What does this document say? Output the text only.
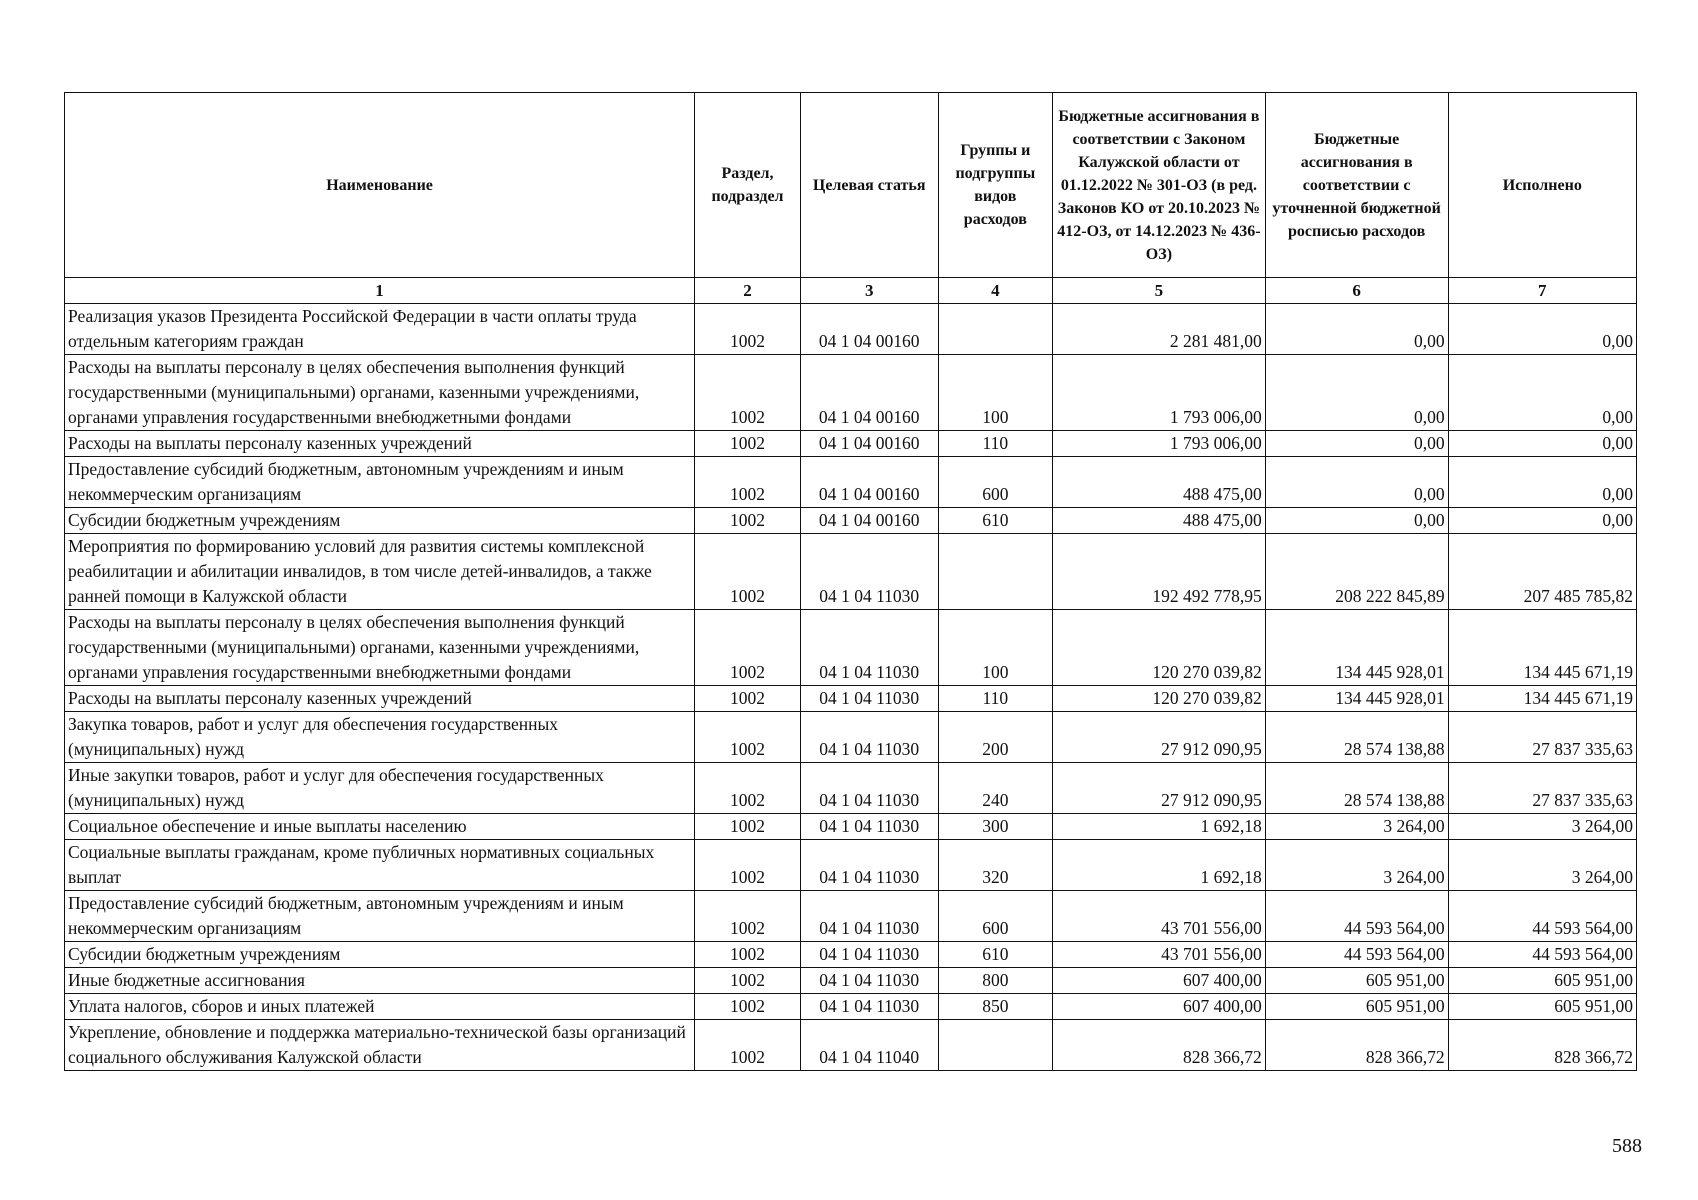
Наименование	Раздел, подраздел	Целевая статья	Группы и подгруппы видов расходов	Бюджетные ассигнования в соответствии с Законом Калужской области от 01.12.2022 № 301-ОЗ (в ред. Законов КО от 20.10.2023 № 412-ОЗ, от 14.12.2023 № 436-ОЗ)	Бюджетные ассигнования в соответствии с уточненной бюджетной росписью расходов	Исполнено
1	2	3	4	5	6	7
Реализация указов Президента Российской Федерации в части оплаты труда отдельным категориям граждан	1002	04 1 04 00160		2 281 481,00	0,00	0,00
Расходы на выплаты персоналу в целях обеспечения выполнения функций государственными (муниципальными) органами, казенными учреждениями, органами управления государственными внебюджетными фондами	1002	04 1 04 00160	100	1 793 006,00	0,00	0,00
Расходы на выплаты персоналу казенных учреждений	1002	04 1 04 00160	110	1 793 006,00	0,00	0,00
Предоставление субсидий бюджетным, автономным учреждениям и иным некоммерческим организациям	1002	04 1 04 00160	600	488 475,00	0,00	0,00
Субсидии бюджетным учреждениям	1002	04 1 04 00160	610	488 475,00	0,00	0,00
Мероприятия по формированию условий для развития системы комплексной реабилитации и абилитации инвалидов, в том числе детей-инвалидов, а также ранней помощи в Калужской области	1002	04 1 04 11030		192 492 778,95	208 222 845,89	207 485 785,82
Расходы на выплаты персоналу в целях обеспечения выполнения функций государственными (муниципальными) органами, казенными учреждениями, органами управления государственными внебюджетными фондами	1002	04 1 04 11030	100	120 270 039,82	134 445 928,01	134 445 671,19
Расходы на выплаты персоналу казенных учреждений	1002	04 1 04 11030	110	120 270 039,82	134 445 928,01	134 445 671,19
Закупка товаров, работ и услуг для обеспечения государственных (муниципальных) нужд	1002	04 1 04 11030	200	27 912 090,95	28 574 138,88	27 837 335,63
Иные закупки товаров, работ и услуг для обеспечения государственных (муниципальных) нужд	1002	04 1 04 11030	240	27 912 090,95	28 574 138,88	27 837 335,63
Социальное обеспечение и иные выплаты населению	1002	04 1 04 11030	300	1 692,18	3 264,00	3 264,00
Социальные выплаты гражданам, кроме публичных нормативных социальных выплат	1002	04 1 04 11030	320	1 692,18	3 264,00	3 264,00
Предоставление субсидий бюджетным, автономным учреждениям и иным некоммерческим организациям	1002	04 1 04 11030	600	43 701 556,00	44 593 564,00	44 593 564,00
Субсидии бюджетным учреждениям	1002	04 1 04 11030	610	43 701 556,00	44 593 564,00	44 593 564,00
Иные бюджетные ассигнования	1002	04 1 04 11030	800	607 400,00	605 951,00	605 951,00
Уплата налогов, сборов и иных платежей	1002	04 1 04 11030	850	607 400,00	605 951,00	605 951,00
Укрепление, обновление и поддержка материально-технической базы организаций социального обслуживания Калужской области	1002	04 1 04 11040		828 366,72	828 366,72	828 366,72
588
